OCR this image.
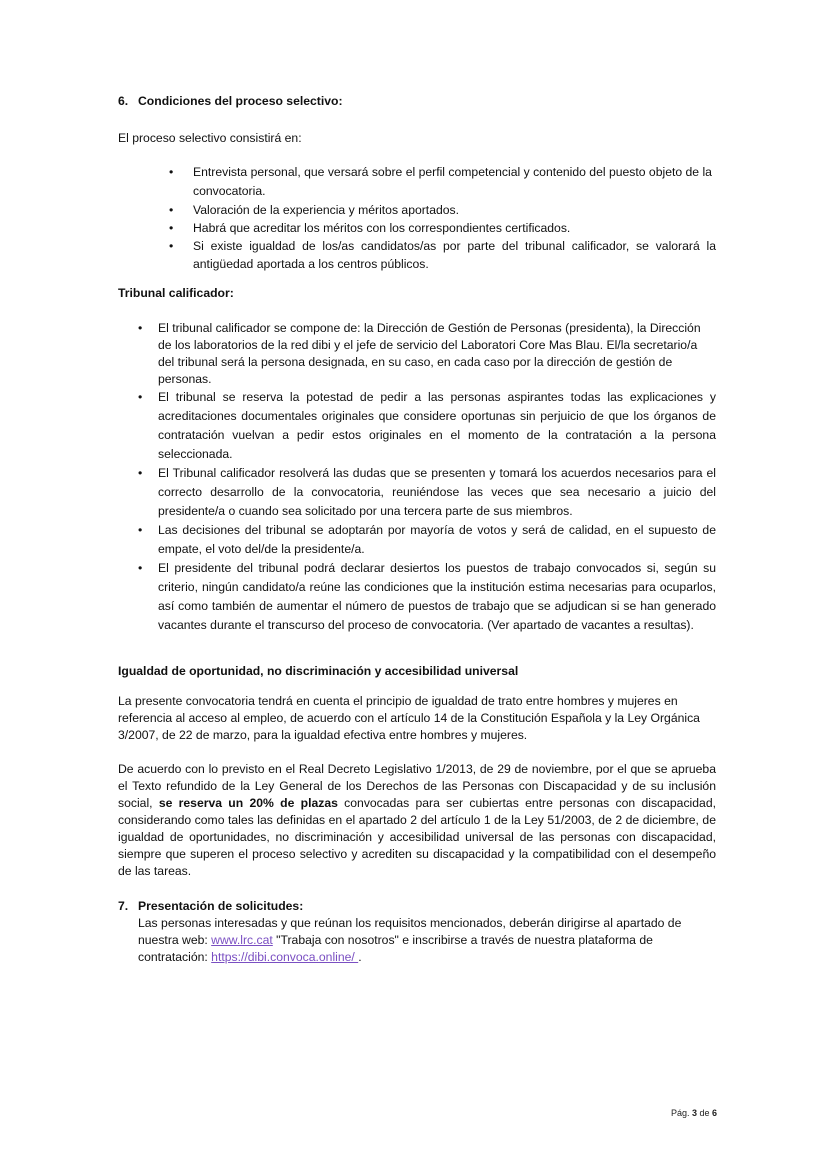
6. Condiciones del proceso selectivo:

El proceso selectivo consistirá en:

• Entrevista personal, que versará sobre el perfil competencial y contenido del puesto objeto de la convocatoria.
• Valoración de la experiencia y méritos aportados.
• Habrá que acreditar los méritos con los correspondientes certificados.
• Si existe igualdad de los/as candidatos/as por parte del tribunal calificador, se valorará la antigüedad aportada a los centros públicos.

Tribunal calificador:

• El tribunal calificador se compone de: la Dirección de Gestión de Personas (presidenta), la Dirección de los laboratorios de la red dibi y el jefe de servicio del Laboratori Core Mas Blau. El/la secretario/a del tribunal será la persona designada, en su caso, en cada caso por la dirección de gestión de personas.
• El tribunal se reserva la potestad de pedir a las personas aspirantes todas las explicaciones y acreditaciones documentales originales que considere oportunas sin perjuicio de que los órganos de contratación vuelvan a pedir estos originales en el momento de la contratación a la persona seleccionada.
• El Tribunal calificador resolverá las dudas que se presenten y tomará los acuerdos necesarios para el correcto desarrollo de la convocatoria, reuniéndose las veces que sea necesario a juicio del presidente/a o cuando sea solicitado por una tercera parte de sus miembros.
• Las decisiones del tribunal se adoptarán por mayoría de votos y será de calidad, en el supuesto de empate, el voto del/de la presidente/a.
• El presidente del tribunal podrá declarar desiertos los puestos de trabajo convocados si, según su criterio, ningún candidato/a reúne las condiciones que la institución estima necesarias para ocuparlos, así como también de aumentar el número de puestos de trabajo que se adjudican si se han generado vacantes durante el transcurso del proceso de convocatoria. (Ver apartado de vacantes a resultas).

Igualdad de oportunidad, no discriminación y accesibilidad universal

La presente convocatoria tendrá en cuenta el principio de igualdad de trato entre hombres y mujeres en referencia al acceso al empleo, de acuerdo con el artículo 14 de la Constitución Española y la Ley Orgánica 3/2007, de 22 de marzo, para la igualdad efectiva entre hombres y mujeres.

De acuerdo con lo previsto en el Real Decreto Legislativo 1/2013, de 29 de noviembre, por el que se aprueba el Texto refundido de la Ley General de los Derechos de las Personas con Discapacidad y de su inclusión social, se reserva un 20% de plazas convocadas para ser cubiertas entre personas con discapacidad, considerando como tales las definidas en el apartado 2 del artículo 1 de la Ley 51/2003, de 2 de diciembre, de igualdad de oportunidades, no discriminación y accesibilidad universal de las personas con discapacidad, siempre que superen el proceso selectivo y acrediten su discapacidad y la compatibilidad con el desempeño de las tareas.

7. Presentación de solicitudes:

Las personas interesadas y que reúnan los requisitos mencionados, deberán dirigirse al apartado de nuestra web: www.lrc.cat "Trabaja con nosotros" e inscribirse a través de nuestra plataforma de contratación: https://dibi.convoca.online/ .

Pág. 3 de 6
